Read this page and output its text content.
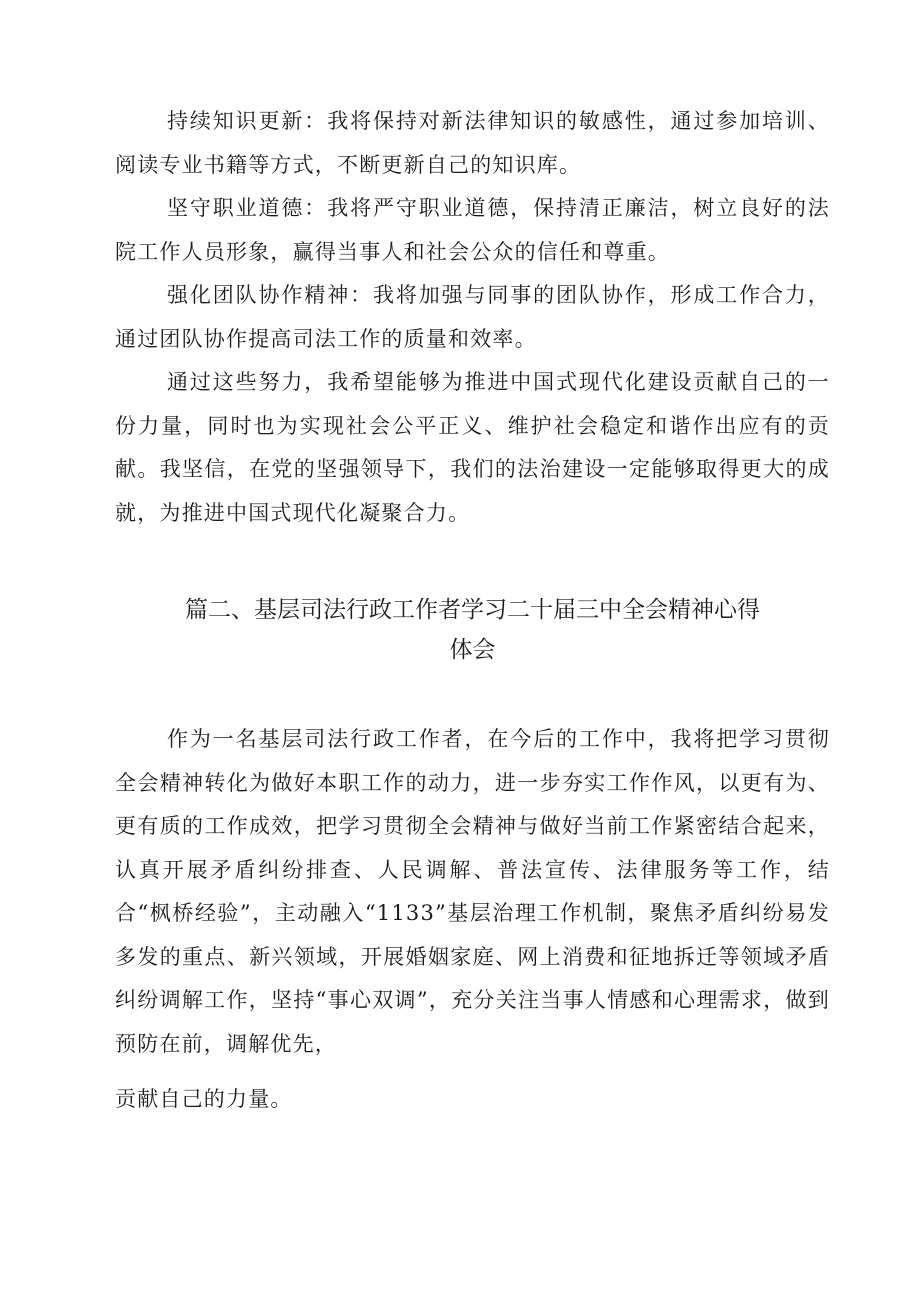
持续知识更新：我将保持对新法律知识的敏感性，通过参加培训、阅读专业书籍等方式，不断更新自己的知识库。

坚守职业道德：我将严守职业道德，保持清正廉洁，树立良好的法院工作人员形象，赢得当事人和社会公众的信任和尊重。

强化团队协作精神：我将加强与同事的团队协作，形成工作合力，通过团队协作提高司法工作的质量和效率。

通过这些努力，我希望能够为推进中国式现代化建设贡献自己的一份力量，同时也为实现社会公平正义、维护社会稳定和谐作出应有的贡献。我坚信，在党的坚强领导下，我们的法治建设一定能够取得更大的成就，为推进中国式现代化凝聚合力。

篇二、基层司法行政工作者学习二十届三中全会精神心得
体会

作为一名基层司法行政工作者，在今后的工作中，我将把学习贯彻全会精神转化为做好本职工作的动力，进一步夯实工作作风，以更有为、更有质的工作成效，把学习贯彻全会精神与做好当前工作紧密结合起来，认真开展矛盾纠纷排查、人民调解、普法宣传、法律服务等工作，结合“枫桥经验”，主动融入“1133”基层治理工作机制，聚焦矛盾纠纷易发多发的重点、新兴领域，开展婚姻家庭、网上消费和征地拆迁等领域矛盾纠纷调解工作，坚持“事心双调”，充分关注当事人情感和心理需求，做到预防在前，调解优先，

贡献自己的力量。
